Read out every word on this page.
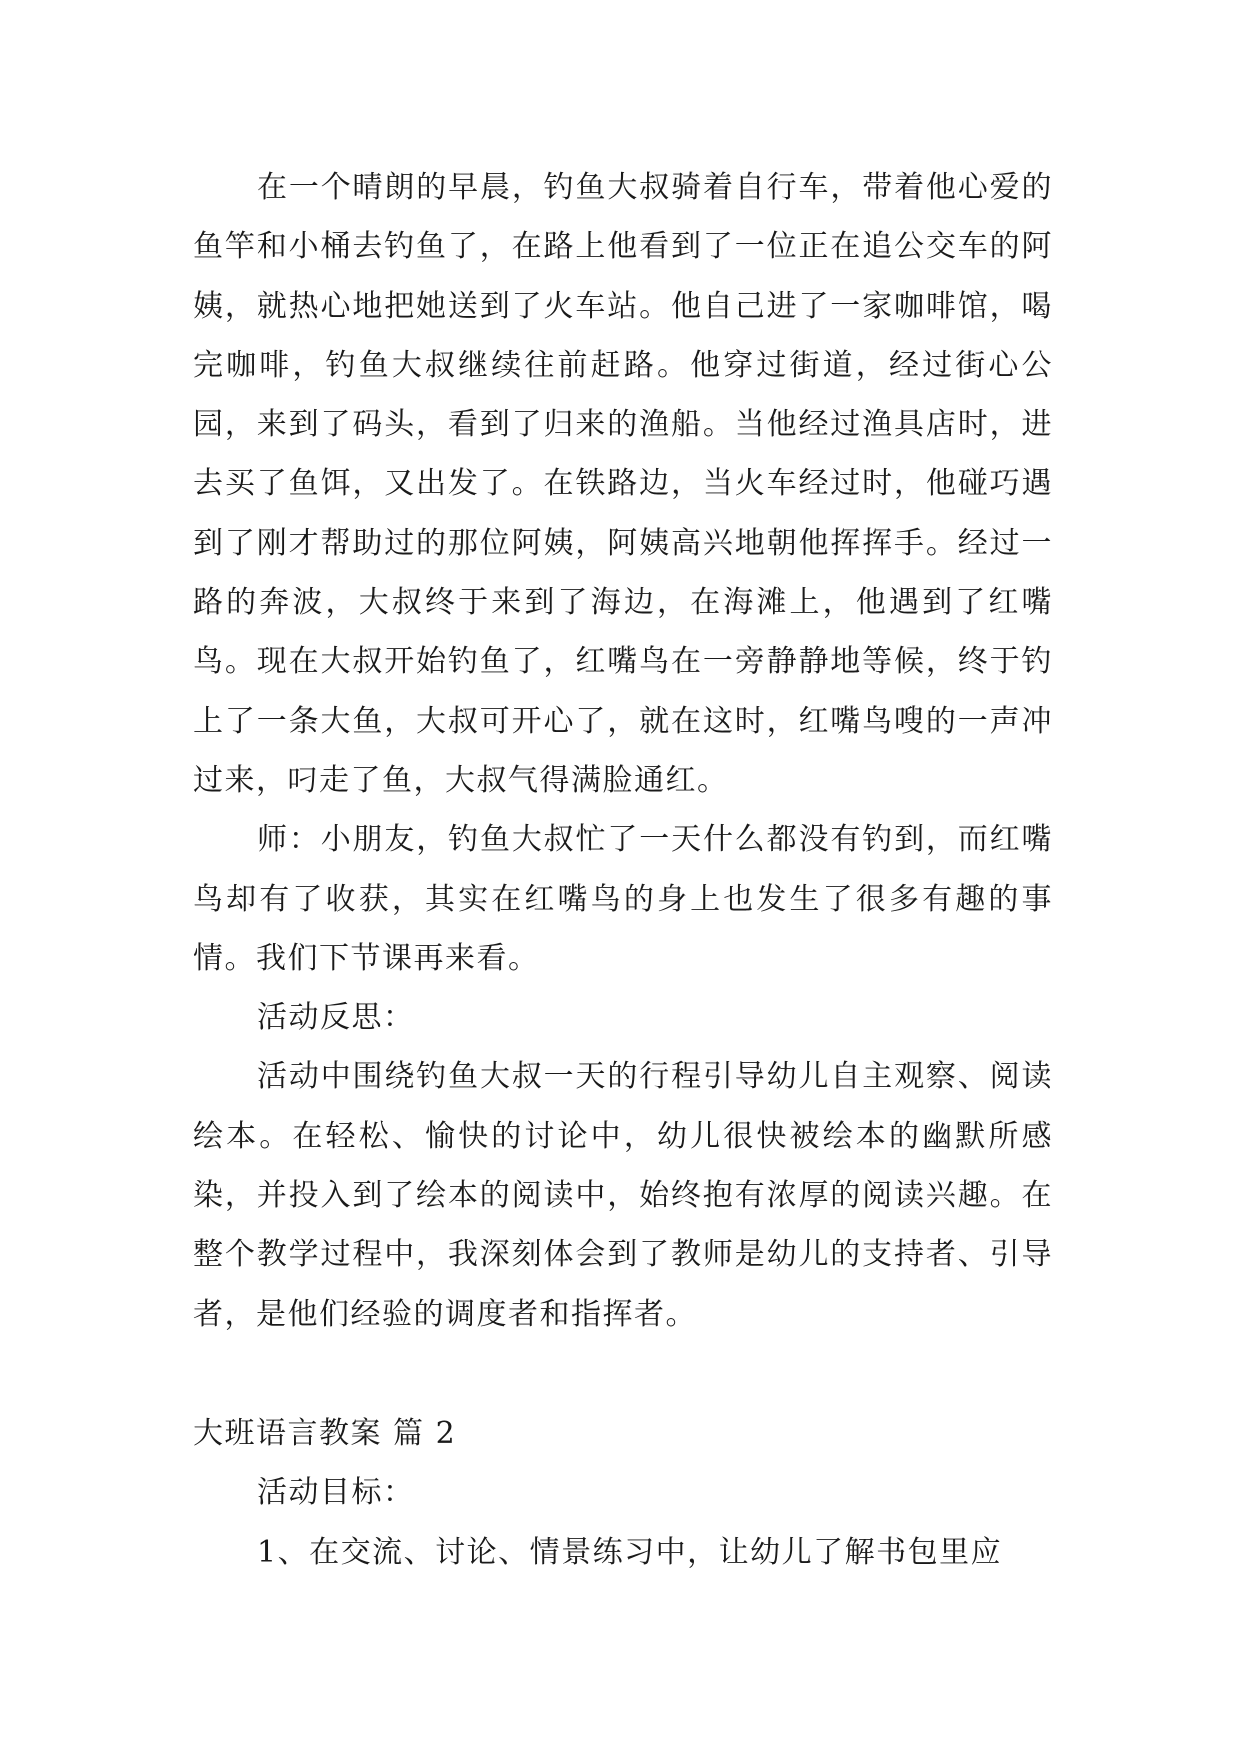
在一个晴朗的早晨，钓鱼大叔骑着自行车，带着他心爱的鱼竿和小桶去钓鱼了，在路上他看到了一位正在追公交车的阿姨，就热心地把她送到了火车站。他自己进了一家咖啡馆，喝完咖啡，钓鱼大叔继续往前赶路。他穿过街道，经过街心公园，来到了码头，看到了归来的渔船。当他经过渔具店时，进去买了鱼饵，又出发了。在铁路边，当火车经过时，他碰巧遇到了刚才帮助过的那位阿姨，阿姨高兴地朝他挥挥手。经过一路的奔波，大叔终于来到了海边，在海滩上，他遇到了红嘴鸟。现在大叔开始钓鱼了，红嘴鸟在一旁静静地等候，终于钓上了一条大鱼，大叔可开心了，就在这时，红嘴鸟嗖的一声冲过来，叼走了鱼，大叔气得满脸通红。

师：小朋友，钓鱼大叔忙了一天什么都没有钓到，而红嘴鸟却有了收获，其实在红嘴鸟的身上也发生了很多有趣的事情。我们下节课再来看。

活动反思：

活动中围绕钓鱼大叔一天的行程引导幼儿自主观察、阅读绘本。在轻松、愉快的讨论中，幼儿很快被绘本的幽默所感染，并投入到了绘本的阅读中，始终抱有浓厚的阅读兴趣。在整个教学过程中，我深刻体会到了教师是幼儿的支持者、引导者，是他们经验的调度者和指挥者。

大班语言教案 篇 2

活动目标：

1、在交流、讨论、情景练习中，让幼儿了解书包里应
